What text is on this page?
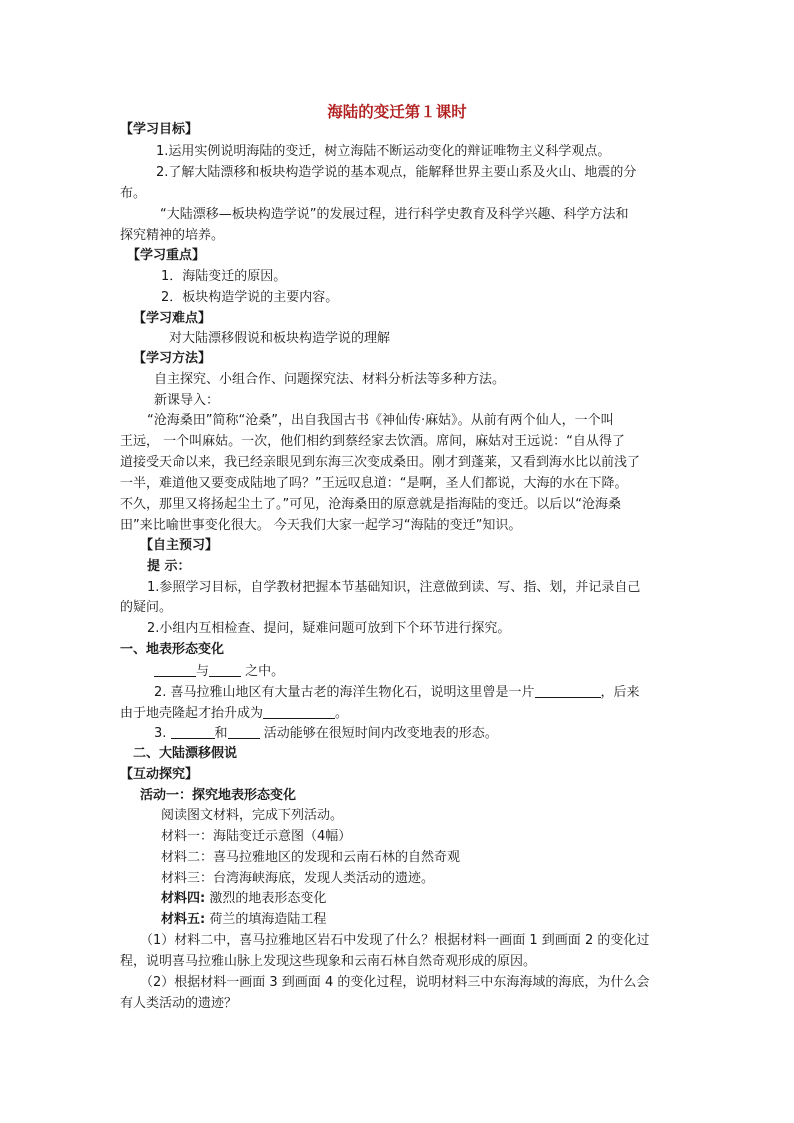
海陆的变迁第１课时
【学习目标】
1.运用实例说明海陆的变迁，树立海陆不断运动变化的辩证唯物主义科学观点。
2.了解大陆漂移和板块构造学说的基本观点，能解释世界主要山系及火山、地震的分
布。
“大陆漂移—板块构造学说”的发展过程，进行科学史教育及科学兴趣、科学方法和
探究精神的培养。
【学习重点】
1．海陆变迁的原因。
2．板块构造学说的主要内容。
【学习难点】
对大陆漂移假说和板块构造学说的理解
【学习方法】
自主探究、小组合作、问题探究法、材料分析法等多种方法。
新课导入：
“沧海桑田”简称“沧桑”，出自我国古书《神仙传·麻姑》。从前有两个仙人，一个叫
王远， 一个叫麻姑。一次，他们相约到蔡经家去饮酒。席间，麻姑对王远说：“自从得了
道接受天命以来，我已经亲眼见到东海三次变成桑田。刚才到蓬莱，又看到海水比以前浅了
一半，难道他又要变成陆地了吗？”王远叹息道：“是啊，圣人们都说，大海的水在下降。
不久，那里又将扬起尘土了。”可见，沧海桑田的原意就是指海陆的变迁。以后以“沧海桑
田”来比喻世事变化很大。 今天我们大家一起学习“海陆的变迁”知识。
【自主预习】
提 示：
1.参照学习目标，自学教材把握本节基础知识，注意做到读、写、指、划，并记录自己
的疑问。
2.小组内互相检查、提问，疑难问题可放到下个环节进行探究。
一、地表形态变化
与 之中。
2. 喜马拉雅山地区有大量古老的海洋生物化石，说明这里曾是一片	，后来
由于地壳隆起才抬升成为	。
3.	和 活动能够在很短时间内改变地表的形态。
二、大陆漂移假说
【互动探究】
活动一：探究地表形态变化
阅读图文材料，完成下列活动。
材料一：海陆变迁示意图（4幅）
材料二：喜马拉雅地区的发现和云南石林的自然奇观
材料三：台湾海峡海底，发现人类活动的遗迹。
材料四: 激烈的地表形态变化
材料五: 荷兰的填海造陆工程
（1）材料二中，喜马拉雅地区岩石中发现了什么？根据材料一画面 1 到画面 2 的变化过
程，说明喜马拉雅山脉上发现这些现象和云南石林自然奇观形成的原因。
（2）根据材料一画面 3 到画面 4 的变化过程，说明材料三中东海海域的海底，为什么会
有人类活动的遗迹？
